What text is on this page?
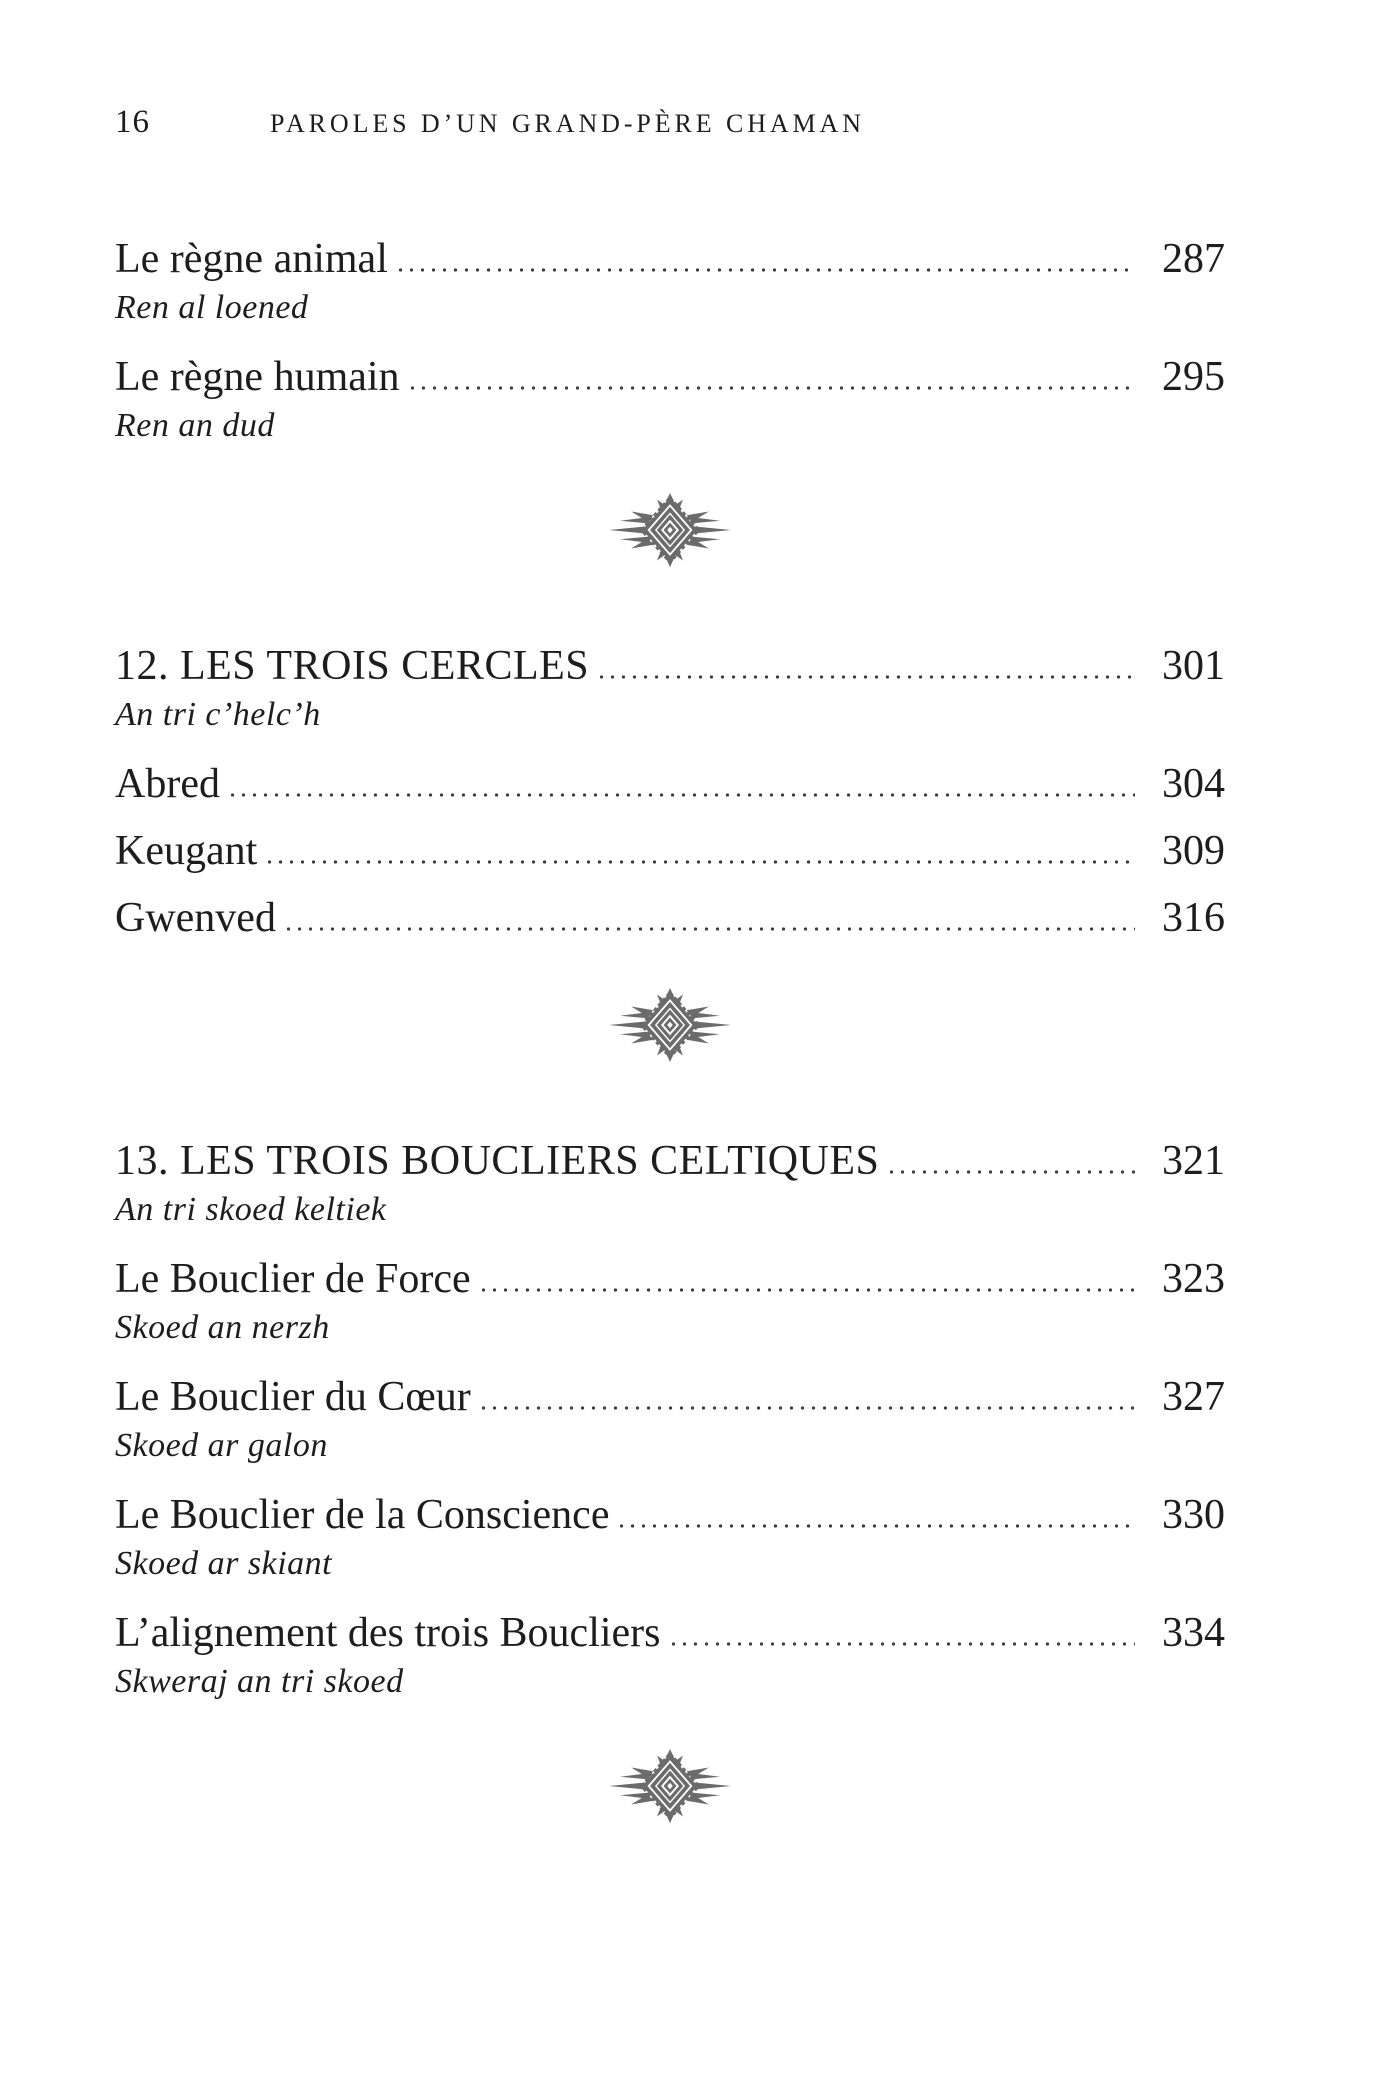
16	PAROLES D’UN GRAND-PÈRE CHAMAN
Le règne animal	287
Ren al loened
Le règne humain	295
Ren an dud
12. LES TROIS CERCLES	301
An tri c’helc’h
Abred	304
Keugant	309
Gwenved	316
13. LES TROIS BOUCLIERS CELTIQUES	321
An tri skoed keltiek
Le Bouclier de Force	323
Skoed an nerzh
Le Bouclier du Cœur	327
Skoed ar galon
Le Bouclier de la Conscience	330
Skoed ar skiant
L’alignement des trois Boucliers	334
Skweraj an tri skoed
